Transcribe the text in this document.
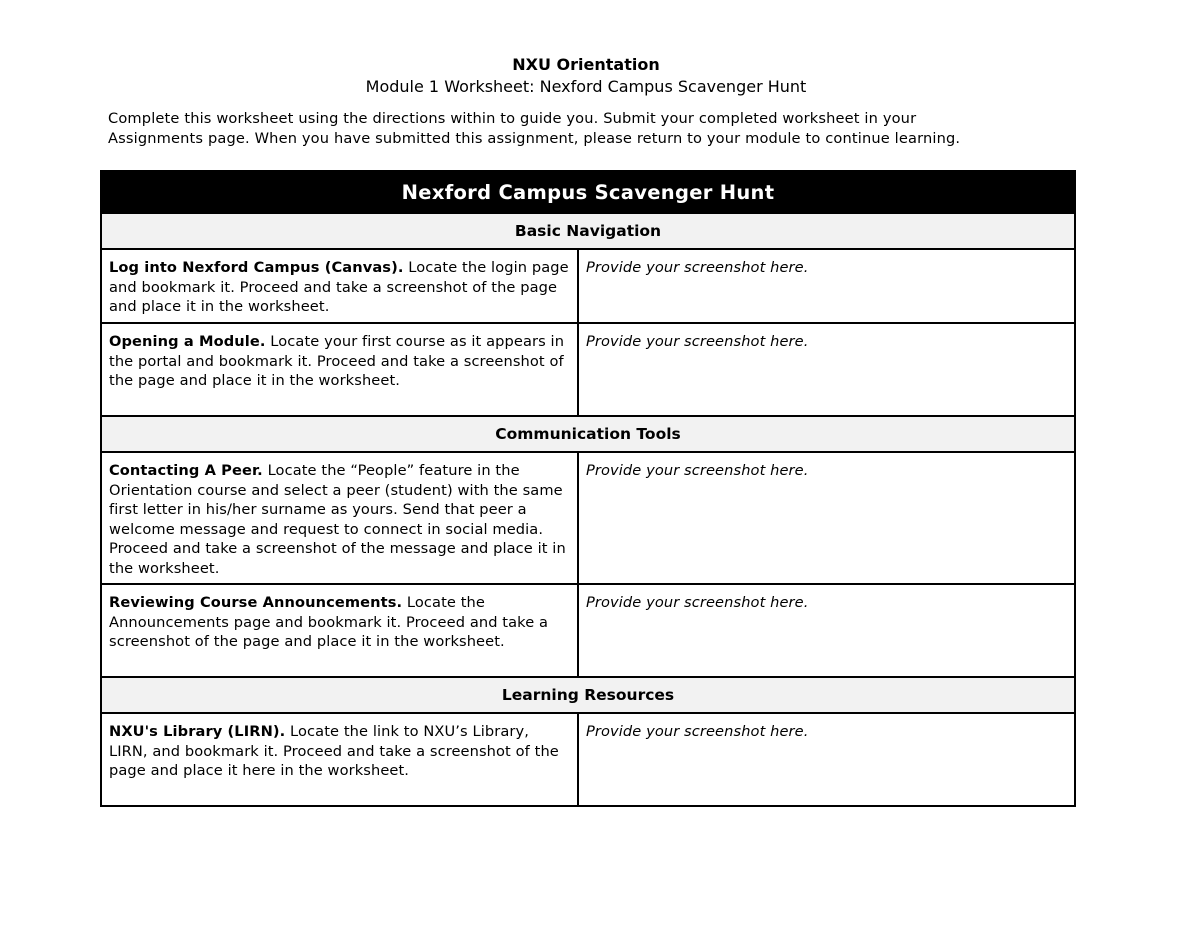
NXU Orientation
Module 1 Worksheet: Nexford Campus Scavenger Hunt
Complete this worksheet using the directions within to guide you. Submit your completed worksheet in your
Assignments page. When you have submitted this assignment, please return to your module to continue learning.
Nexford Campus Scavenger Hunt	
Basic Navigation	

Log into Nexford Campus (Canvas). Locate the login page and bookmark it. Proceed and take a screenshot of the page and place it in the worksheet.	Provide your screenshot here.

Opening a Module. Locate your first course as it appears in the portal and bookmark it. Proceed and take a screenshot of the page and place it in the worksheet.	Provide your screenshot here.

Communication Tools	

Contacting A Peer. Locate the “People” feature in the Orientation course and select a peer (student) with the same first letter in his/her surname as yours. Send that peer a welcome message and request to connect in social media. Proceed and take a screenshot of the message and place it in the worksheet.	Provide your screenshot here.

Reviewing Course Announcements. Locate the Announcements page and bookmark it. Proceed and take a screenshot of the page and place it in the worksheet.	Provide your screenshot here.

Learning Resources	

NXU's Library (LIRN). Locate the link to NXU’s Library, LIRN, and bookmark it. Proceed and take a screenshot of the page and place it here in the worksheet.	Provide your screenshot here.
